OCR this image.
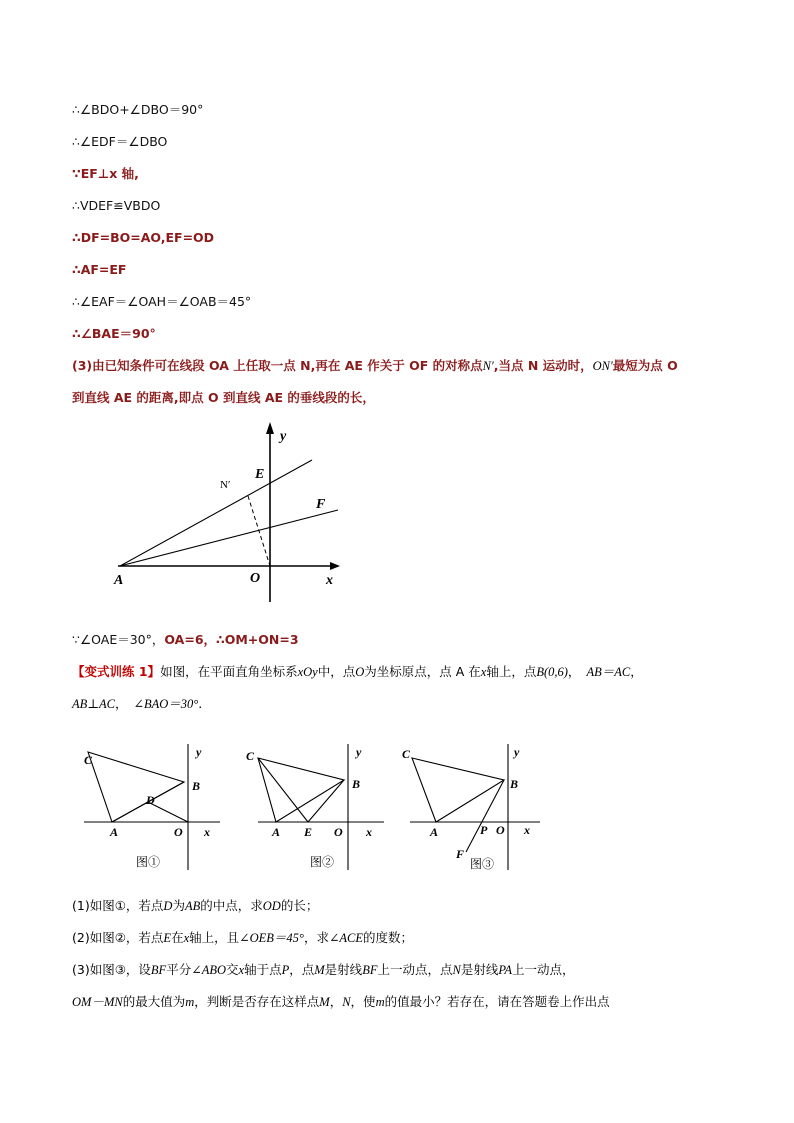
∴∠BDO+∠DBO＝90°
∴∠EDF＝∠DBO
∵EF⊥x 轴,
∴VDEF≌VBDO
∴DF=BO=AO,EF=OD
∴AF=EF
∴∠EAF＝∠OAH＝∠OAB＝45°
∴∠BAE＝90°
(3)由已知条件可在线段 OA 上任取一点 N,再在 AE 作关于 OF 的对称点N′,当点 N 运动时，ON′最短为点 O
到直线 AE 的距离,即点 O 到直线 AE 的垂线段的长，
y
x
E
F
A	O
N′
∵∠OAE＝30°，OA=6，∴OM+ON=3
【变式训练 1】如图，在平面直角坐标系xOy中，点O为坐标原点，点 A 在x轴上，点B(0,6)， AB＝AC，
AB⊥AC， ∠BAO＝30°.
C
B
D
A	O x
y
图①
C
B
A E O x
y
图②
C
B
A	P O x
y
F
图③
(1)如图①，若点D为AB的中点，求OD的长；
(2)如图②，若点E在x轴上，且∠OEB＝45°，求∠ACE的度数；
(3)如图③，设BF平分∠ABO交x轴于点P，点M是射线BF上一动点，点N是射线PA上一动点，
OM－MN的最大值为m，判断是否存在这样点M，N，使m的值最小？若存在，请在答题卷上作出点
